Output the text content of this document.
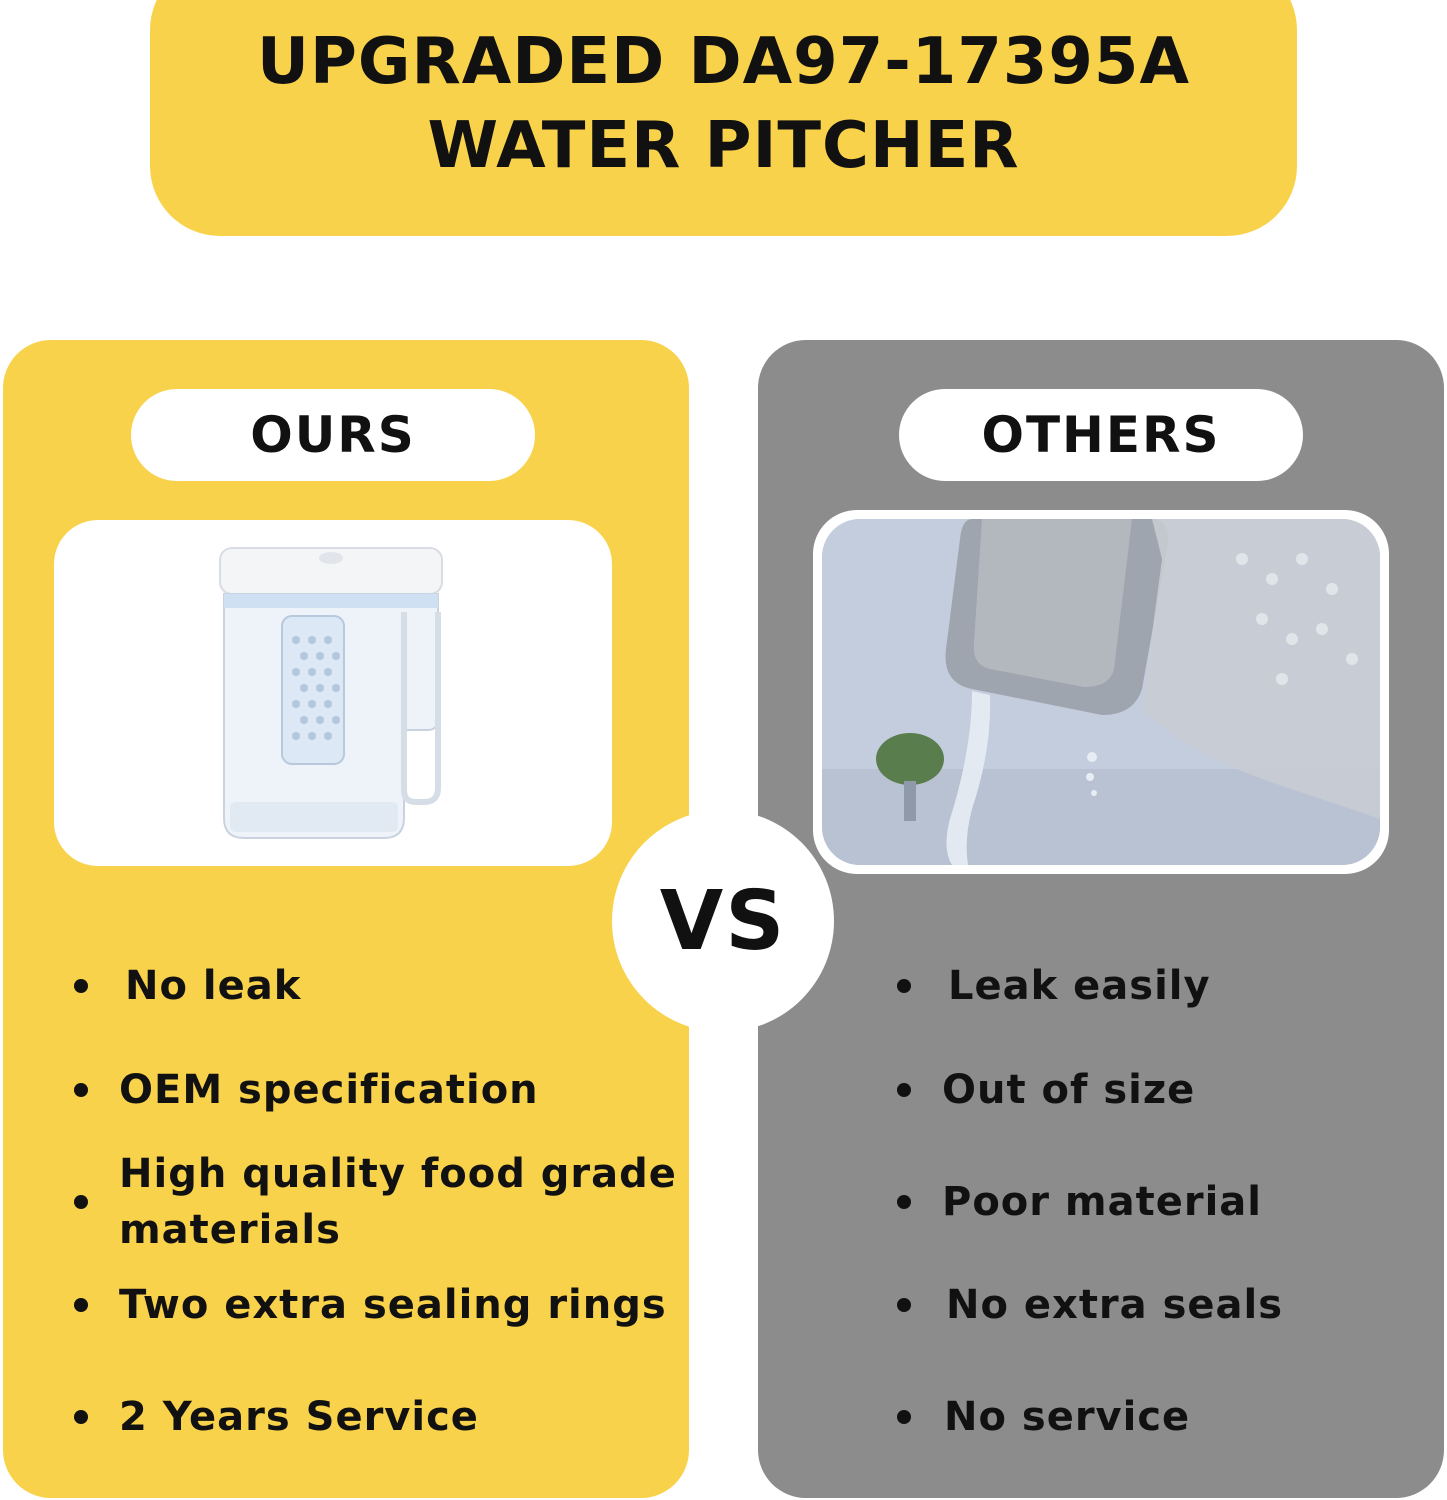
UPGRADED DA97-17395A
WATER PITCHER
OURS
No leak
OEM specification
High quality food grade
materials
Two extra sealing rings
2 Years Service
OTHERS
Leak easily
Out of size
Poor material
No extra seals
No service
VS
